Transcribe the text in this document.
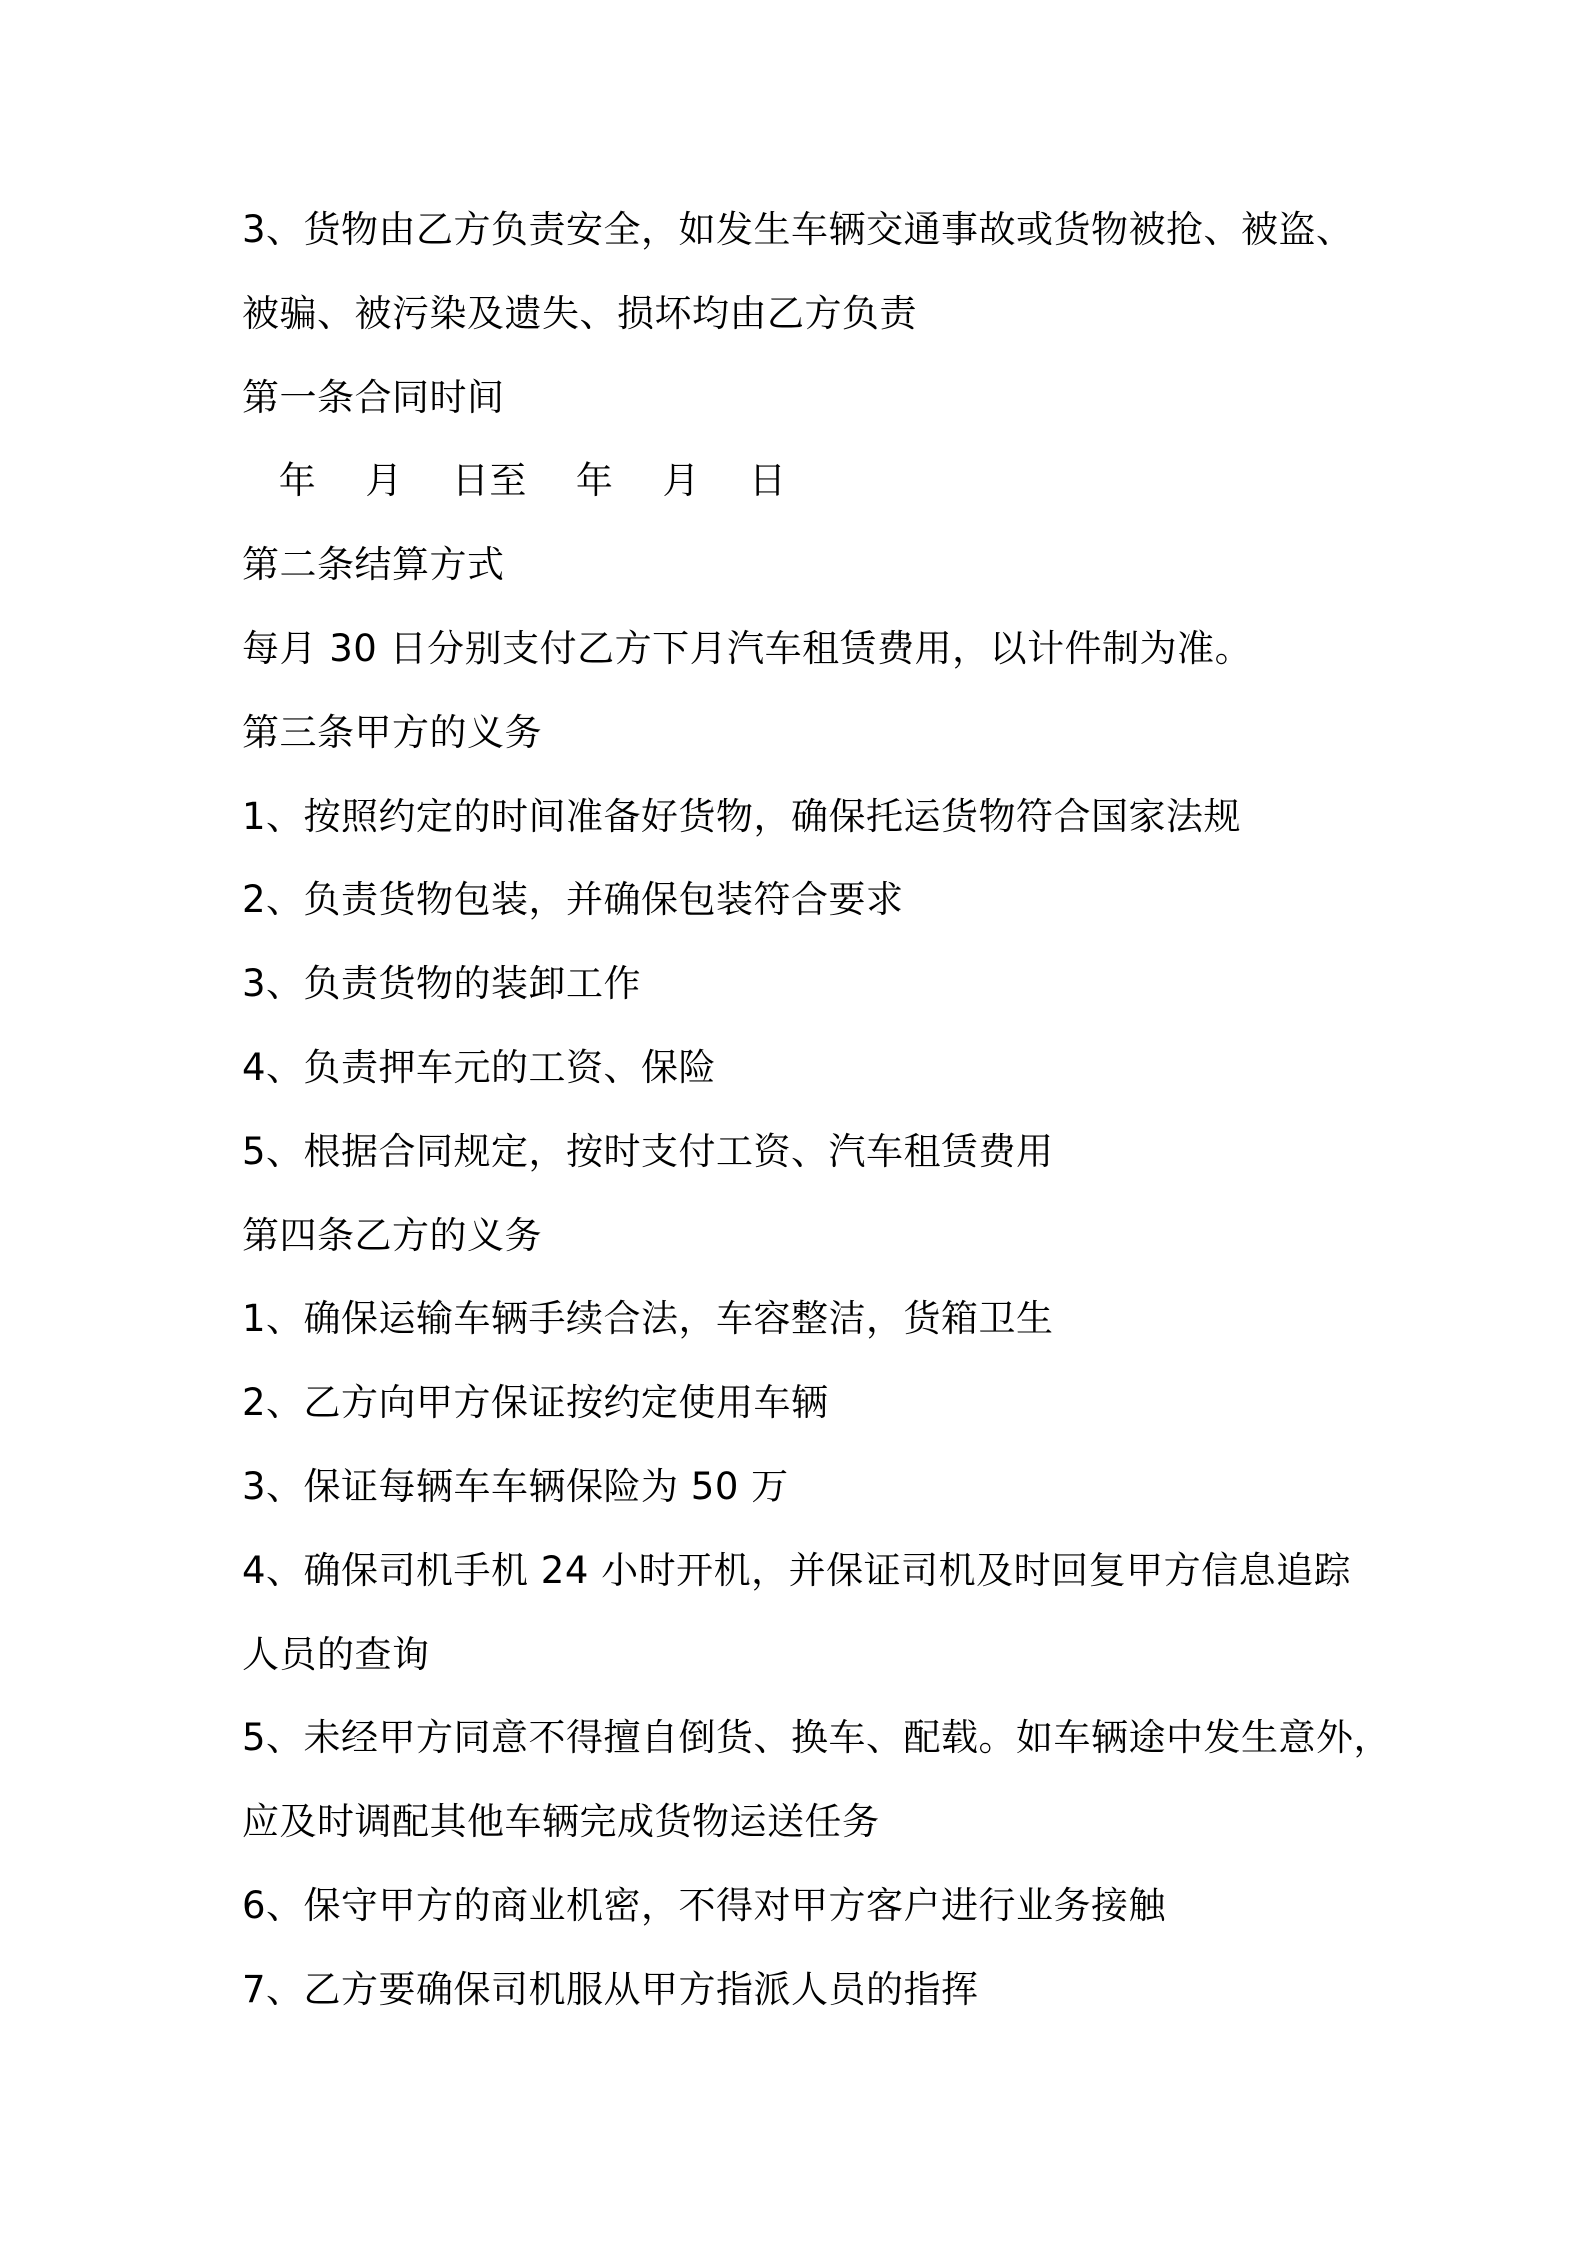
3、货物由乙方负责安全，如发生车辆交通事故或货物被抢、被盗、
被骗、被污染及遗失、损坏均由乙方负责
第一条合同时间
年    月    日至    年    月    日
第二条结算方式
每月 30 日分别支付乙方下月汽车租赁费用，以计件制为准。
第三条甲方的义务
1、按照约定的时间准备好货物，确保托运货物符合国家法规
2、负责货物包装，并确保包装符合要求
3、负责货物的装卸工作
4、负责押车元的工资、保险
5、根据合同规定，按时支付工资、汽车租赁费用
第四条乙方的义务
1、确保运输车辆手续合法，车容整洁，货箱卫生
2、乙方向甲方保证按约定使用车辆
3、保证每辆车车辆保险为 50 万
4、确保司机手机 24 小时开机，并保证司机及时回复甲方信息追踪
人员的查询
5、未经甲方同意不得擅自倒货、换车、配载。如车辆途中发生意外，
应及时调配其他车辆完成货物运送任务
6、保守甲方的商业机密，不得对甲方客户进行业务接触
7、乙方要确保司机服从甲方指派人员的指挥
